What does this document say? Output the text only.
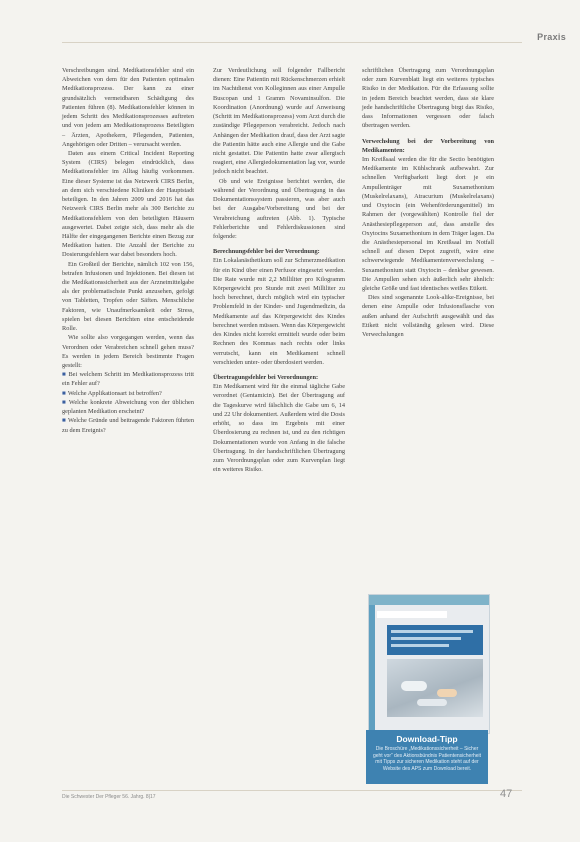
Praxis

Verschreibungen sind. Medikationsfehler sind ein Abweichen von dem für den Patienten optimalen Medikationsprozess. Der kann zu einer grundsätzlich vermeidbaren Schädigung des Patienten führen (8). Medikationsfehler können in jedem Schritt des Medikationsprozesses auftreten und von jedem am Medikationsprozess Beteiligten – Ärzten, Apothekern, Pflegenden, Patienten, Angehörigen oder Dritten – verursacht werden.

Daten aus einem Critical Incident Reporting System (CIRS) belegen eindrücklich, dass Medikationsfehler im Alltag häufig vorkommen. Eine dieser Systeme ist das Netzwerk CIRS Berlin, an dem sich verschiedene Kliniken der Hauptstadt beteiligen. In den Jahren 2009 und 2016 hat das Netzwerk CIRS Berlin mehr als 300 Berichte zu Medikationsfehlern von den beteiligten Häusern ausgewertet. Dabei zeigte sich, dass mehr als die Hälfte der eingegangenen Berichte einen Bezug zur Medikation hatten. Die Anzahl der Berichte zu Dosierungsfehlern war dabei besonders hoch.

Ein Großteil der Berichte, nämlich 102 von 156, betrafen Infusionen und Injektionen. Bei diesen ist die Medikationssicherheit aus der Arzneimittelgabe als der problematischste Punkt anzusehen, gefolgt von Tabletten, Tropfen oder Säften. Menschliche Faktoren, wie Unaufmerksamkeit oder Stress, spielen bei diesen Berichten eine entscheidende Rolle.

Wie sollte also vorgegangen werden, wenn das Verordnen oder Verabreichen schnell gehen muss? Es werden in jedem Bereich bestimmte Fragen gestellt:

■ Bei welchem Schritt im Medikationsprozess tritt ein Fehler auf?
■ Welche Applikationsart ist betroffen?
■ Welche konkrete Abweichung von der üblichen geplanten Medikation erscheint?
■ Welche Gründe und beitragende Faktoren führten zu dem Ereignis?

Zur Verdeutlichung soll folgender Fallbericht dienen: Eine Patientin mit Rückenschmerzen erhielt im Nachtdienst von Kolleginnen aus einer Ampulle Buscopan und 1 Gramm Novaminsulfon. Die Koordination (Anordnung) wurde auf Anweisung (Schritt im Medikationsprozess) vom Arzt durch die zuständige Pflegeperson verabreicht. Jedoch nach Anhängen der Medikation drauf, dass der Arzt sagte die Patientin hätte auch eine Allergie und die Gabe nicht gestattet. Die Patientin hatte zwar allergisch reagiert, eine Allergiedokumentation lag vor, wurde jedoch nicht beachtet.

Ob und wie Ereignisse berichtet werden, die während der Verordnung und Übertragung in das Dokumentationssystem passieren, was aber auch bei der Ausgabe/Vorbereitung und bei der Verabreichung auftreten (Abb. 1). Typische Fehlerberichte und Fehlerdiskussionen sind folgende:

Berechnungsfehler bei der Verordnung:

Ein Lokalanästhetikum soll zur Schmerzmedikation für ein Kind über einen Perfusor eingesetzt werden. Die Rate wurde mit 2,2 Milliliter pro Kilogramm Körpergewicht pro Stunde mit zwei Milliliter zu hoch berechnet, durch möglich wird ein typischer Problemfeld in der Kinder- und Jugendmedizin, da Medikamente auf das Körpergewicht des Kindes berechnet werden müssen. Wenn das Körpergewicht des Kindes nicht korrekt ermittelt wurde oder beim Rechnen des Kommas nach rechts oder links verrutscht, kann ein Medikament schnell verschieden unter- oder überdosiert werden.

Übertragungsfehler bei Verordnungen:

Ein Medikament wird für die einmal tägliche Gabe verordnet (Gentamicin). Bei der Übertragung auf die Tageskurve wird fälschlich die Gabe um 6, 14 und 22 Uhr dokumentiert. Außerdem wird die Dosis erhöht, so dass im Ergebnis mit einer Überdosierung zu rechnen ist, und zu den richtigen Dokumentationen wurde von Anfang in die falsche Übertragung. In der handschriftlichen Übertragung zum Verordnungsplan oder zum Kurvenplan liegt ein weiteres Risiko.

schriftlichen Übertragung zum Verordnungsplan oder zum Kurvenblatt liegt ein weiteres typisches Risiko in der Medikation. Für die Erfassung sollte in jedem Bereich beachtet werden, dass sie klare jede handschriftliche Übertragung birgt das Risiko, dass Informationen vergessen oder falsch übertragen werden.

Verwechslung bei der Vorbereitung von Medikamenten:

Im Kreißsaal werden die für die Sectio benötigten Medikamente im Kühlschrank aufbewahrt. Zur schnellen Verfügbarkeit liegt dort je ein Ampullenträger mit Suxamethonium (Muskelrelaxans), Atracurium (Muskelrelaxans) und Oxytocin (ein Wehenförderungsmittel) im Rahmen der (vorgewählten) Kontrolle fiel der Anästhesiepflegeperson auf, dass anstelle des Oxytocins Suxamethonium in dem Träger lagen. Da die Anästhesiepersonal im Kreißsaal im Notfall schnell auf diesen Depot zugreift, wäre eine schwerwiegende Medikamentenverwechslung – Suxamethonium statt Oxytocin – denkbar gewesen. Die Ampullen sehen sich äußerlich sehr ähnlich: gleiche Größe und fast identisches weißes Etikett.

Dies sind sogenannte Look-alike-Ereignisse, bei denen eine Ampulle oder Infusionsflasche von außen anhand der Aufschrift ausgewählt und das Etikett nicht vollständig gelesen wird. Diese Verwechslungen

Download-Tipp
Die Broschüre „Medikationssicherheit – Sicher geht vor“ des Aktionsbündnis Patientensicherheit mit Tipps zur sicheren Medikation steht auf der Website des APS zum Download bereit.
Die Schwester Der Pfleger 56. Jahrg. 8|17	47
